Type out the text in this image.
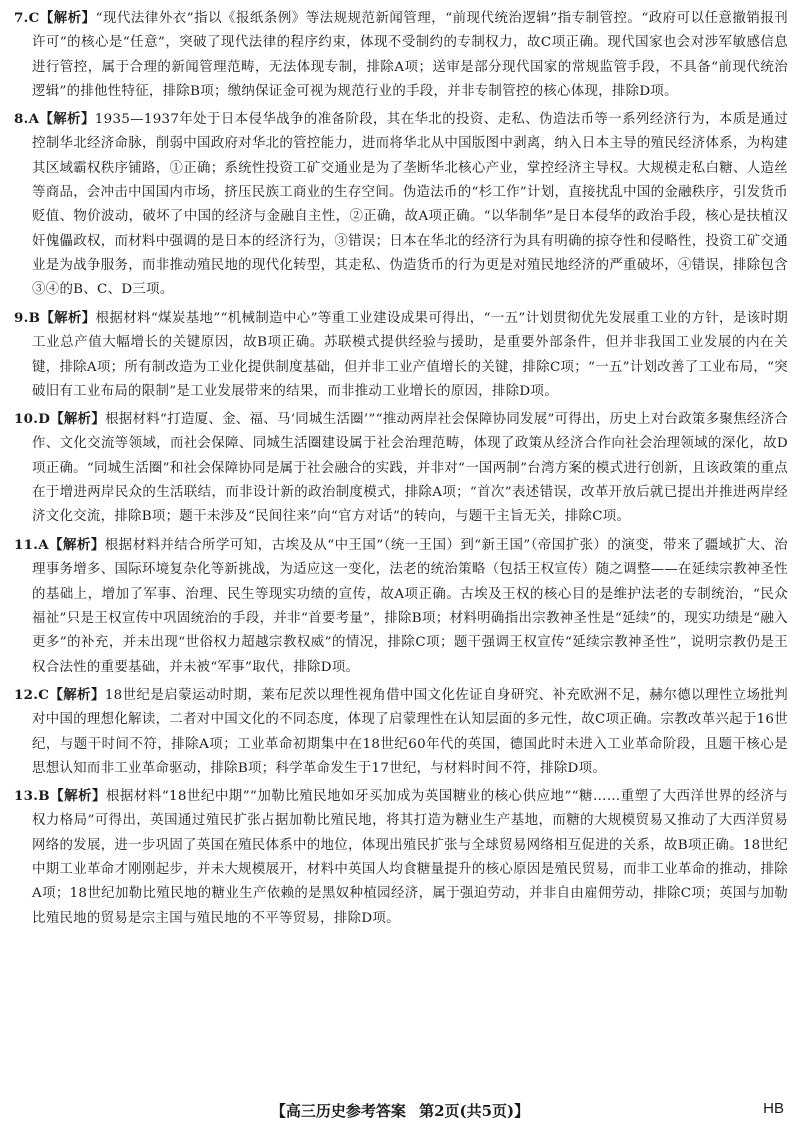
7.C【解析】“现代法律外衣”指以《报纸条例》等法规规范新闻管理，“前现代统治逻辑”指专制管控。“政府可以任意撤销报刊许可”的核心是“任意”，突破了现代法律的程序约束，体现不受制约的专制权力，故C项正确。现代国家也会对涉军敏感信息进行管控，属于合理的新闻管理范畴，无法体现专制，排除A项；送审是部分现代国家的常规监管手段，不具备“前现代统治逻辑”的排他性特征，排除B项；缴纳保证金可视为规范行业的手段，并非专制管控的核心体现，排除D项。
8.A【解析】1935—1937年处于日本侵华战争的准备阶段，其在华北的投资、走私、伪造法币等一系列经济行为，本质是通过控制华北经济命脉，削弱中国政府对华北的管控能力，进而将华北从中国版图中剥离，纳入日本主导的殖民经济体系，为构建其区域霸权秩序铺路，①正确；系统性投资工矿交通业是为了垄断华北核心产业，掌控经济主导权。大规模走私白糖、人造丝等商品，会冲击中国国内市场，挤压民族工商业的生存空间。伪造法币的“杉工作”计划，直接扰乱中国的金融秩序，引发货币贬值、物价波动，破坏了中国的经济与金融自主性，②正确，故A项正确。“以华制华”是日本侵华的政治手段，核心是扶植汉奸傀儡政权，而材料中强调的是日本的经济行为，③错误；日本在华北的经济行为具有明确的掠夺性和侵略性，投资工矿交通业是为战争服务，而非推动殖民地的现代化转型，其走私、伪造货币的行为更是对殖民地经济的严重破坏，④错误，排除包含③④的B、C、D三项。
9.B【解析】根据材料“煤炭基地”“机械制造中心”等重工业建设成果可得出，“一五”计划贯彻优先发展重工业的方针，是该时期工业总产值大幅增长的关键原因，故B项正确。苏联模式提供经验与援助，是重要外部条件，但并非我国工业发展的内在关键，排除A项；所有制改造为工业化提供制度基础，但并非工业产值增长的关键，排除C项；“一五”计划改善了工业布局，“突破旧有工业布局的限制”是工业发展带来的结果，而非推动工业增长的原因，排除D项。
10.D【解析】根据材料“打造厦、金、福、马‘同城生活圈’”“推动两岸社会保障协同发展”可得出，历史上对台政策多聚焦经济合作、文化交流等领域，而社会保障、同城生活圈建设属于社会治理范畴，体现了政策从经济合作向社会治理领域的深化，故D项正确。“同城生活圈”和社会保障协同是属于社会融合的实践，并非对“一国两制”台湾方案的模式进行创新，且该政策的重点在于增进两岸民众的生活联结，而非设计新的政治制度模式，排除A项；“首次”表述错误，改革开放后就已提出并推进两岸经济文化交流，排除B项；题干未涉及“民间往来”向“官方对话”的转向，与题干主旨无关，排除C项。
11.A【解析】根据材料并结合所学可知，古埃及从“中王国”（统一王国）到“新王国”（帝国扩张）的演变，带来了疆域扩大、治理事务增多、国际环境复杂化等新挑战，为适应这一变化，法老的统治策略（包括王权宣传）随之调整——在延续宗教神圣性的基础上，增加了军事、治理、民生等现实功绩的宣传，故A项正确。古埃及王权的核心目的是维护法老的专制统治，“民众福祉”只是王权宣传中巩固统治的手段，并非“首要考量”，排除B项；材料明确指出宗教神圣性是“延续”的，现实功绩是“融入更多”的补充，并未出现“世俗权力超越宗教权威”的情况，排除C项；题干强调王权宣传“延续宗教神圣性”，说明宗教仍是王权合法性的重要基础，并未被“军事”取代，排除D项。
12.C【解析】18世纪是启蒙运动时期，莱布尼茨以理性视角借中国文化佐证自身研究、补充欧洲不足，赫尔德以理性立场批判对中国的理想化解读，二者对中国文化的不同态度，体现了启蒙理性在认知层面的多元性，故C项正确。宗教改革兴起于16世纪，与题干时间不符，排除A项；工业革命初期集中在18世纪60年代的英国，德国此时未进入工业革命阶段，且题干核心是思想认知而非工业革命驱动，排除B项；科学革命发生于17世纪，与材料时间不符，排除D项。
13.B【解析】根据材料“18世纪中期”“加勒比殖民地如牙买加成为英国糖业的核心供应地”“糖……重塑了大西洋世界的经济与权力格局”可得出，英国通过殖民扩张占据加勒比殖民地，将其打造为糖业生产基地，而糖的大规模贸易又推动了大西洋贸易网络的发展，进一步巩固了英国在殖民体系中的地位，体现出殖民扩张与全球贸易网络相互促进的关系，故B项正确。18世纪中期工业革命才刚刚起步，并未大规模展开，材料中英国人均食糖量提升的核心原因是殖民贸易，而非工业革命的推动，排除A项；18世纪加勒比殖民地的糖业生产依赖的是黑奴种植园经济，属于强迫劳动，并非自由雇佣劳动，排除C项；英国与加勒比殖民地的贸易是宗主国与殖民地的不平等贸易，排除D项。
【高三历史参考答案 第2页(共5页)】	HB
